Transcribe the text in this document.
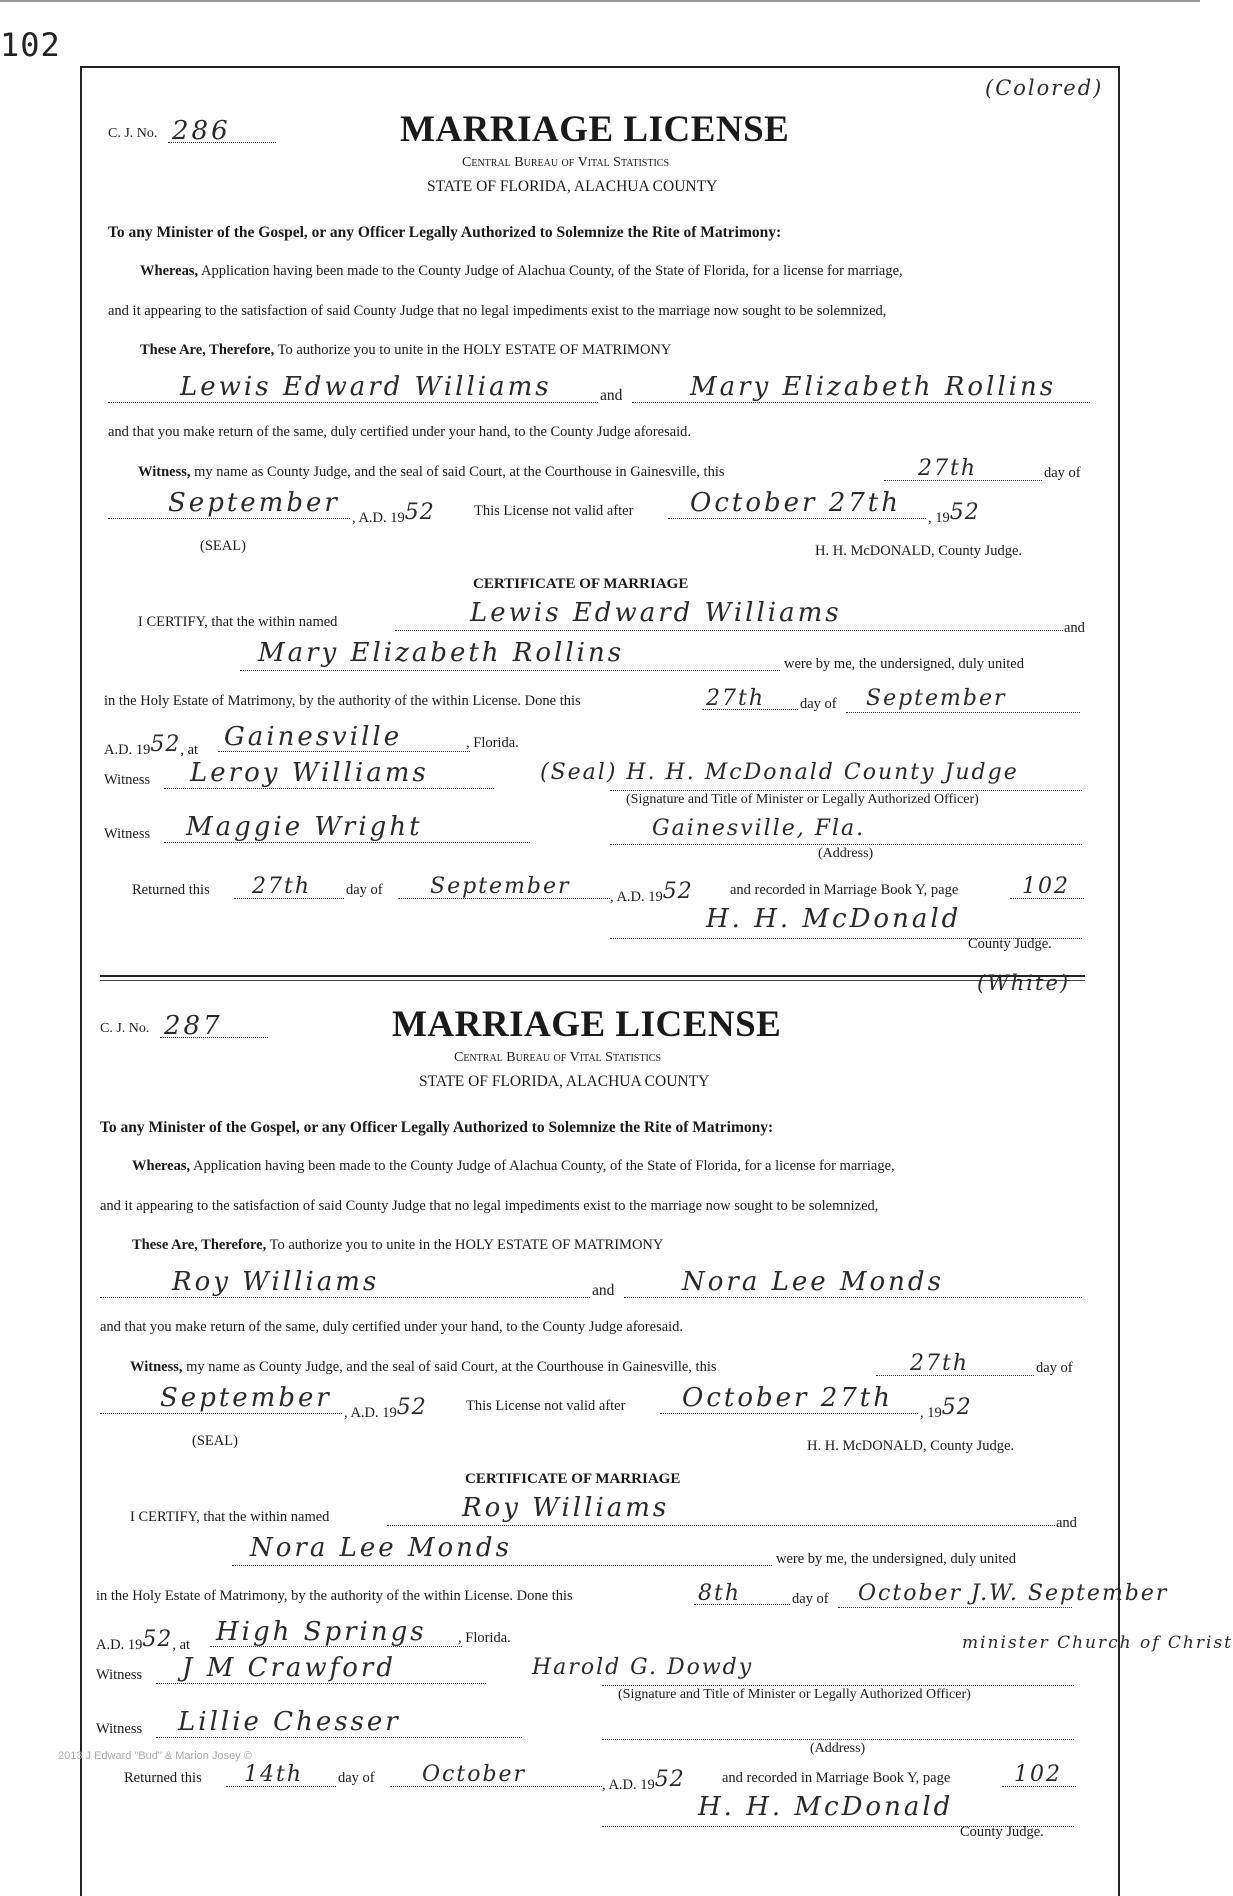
102
(Colored)
C. J. No. 286	MARRIAGE LICENSE
Central Bureau of Vital Statistics
STATE OF FLORIDA, ALACHUA COUNTY
To any Minister of the Gospel, or any Officer Legally Authorized to Solemnize the Rite of Matrimony:
Whereas, Application having been made to the County Judge of Alachua County, of the State of Florida, for a license for marriage,
and it appearing to the satisfaction of said County Judge that no legal impediments exist to the marriage now sought to be solemnized,
These Are, Therefore, To authorize you to unite in the HOLY ESTATE OF MATRIMONY
Lewis Edward Williams	and	Mary Elizabeth Rollins
and that you make return of the same, duly certified under your hand, to the County Judge aforesaid.
Witness, my name as County Judge, and the seal of said Court, at the Courthouse in Gainesville, this	27th	day of
September , A.D. 1952	This License not valid after October 27th , 1952
(SEAL)	H. H. McDONALD, County Judge.
CERTIFICATE OF MARRIAGE
I CERTIFY, that the within named	Lewis Edward Williams	and
Mary Elizabeth Rollins	were by me, the undersigned, duly united
in the Holy Estate of Matrimony, by the authority of the within License. Done this	27th day of September
A.D. 1952, at Gainesville	, Florida.
Witness Leroy Williams	(Seal) H. H. McDonald County Judge
(Signature and Title of Minister or Legally Authorized Officer)
Witness Maggie Wright	Gainesville, Fla.
(Address)
(White)
C. J. No. 287	MARRIAGE LICENSE
Central Bureau of Vital Statistics
STATE OF FLORIDA, ALACHUA COUNTY
To any Minister of the Gospel, or any Officer Legally Authorized to Solemnize the Rite of Matrimony:
Whereas, Application having been made to the County Judge of Alachua County, of the State of Florida, for a license for marriage,
and it appearing to the satisfaction of said County Judge that no legal impediments exist to the marriage now sought to be solemnized,
These Are, Therefore, To authorize you to unite in the HOLY ESTATE OF MATRIMONY
Roy Williams	and	Nora Lee Monds
and that you make return of the same, duly certified under your hand, to the County Judge aforesaid.
Witness, my name as County Judge, and the seal of said Court, at the Courthouse in Gainesville, this	27th	day of
September , A.D. 1952	This License not valid after October 27th , 1952
(SEAL)	H. H. McDONALD, County Judge.
CERTIFICATE OF MARRIAGE
I CERTIFY, that the within named	Roy Williams	and
Nora Lee Monds	were by me, the undersigned, duly united
in the Holy Estate of Matrimony, by the authority of the within License. Done this	8th	day of October J.W. September
A.D. 1952, at High Springs , Florida.
Witness J M Crawford	Harold G. Dowdy
minister Church of Christ
(Signature and Title of Minister or Legally Authorized Officer)
Witness Lillie Chesser
(Address)
2013 J Edward "Bud" & Marion Josey ©
Returned this 27th day of September	, A.D. 1952	and recorded in Marriage Book Y, page	102
H. H. McDonald
County Judge.
Returned this 14th day of October	, A.D. 1952	and recorded in Marriage Book Y, page	102
H. H. McDonald
County Judge.
